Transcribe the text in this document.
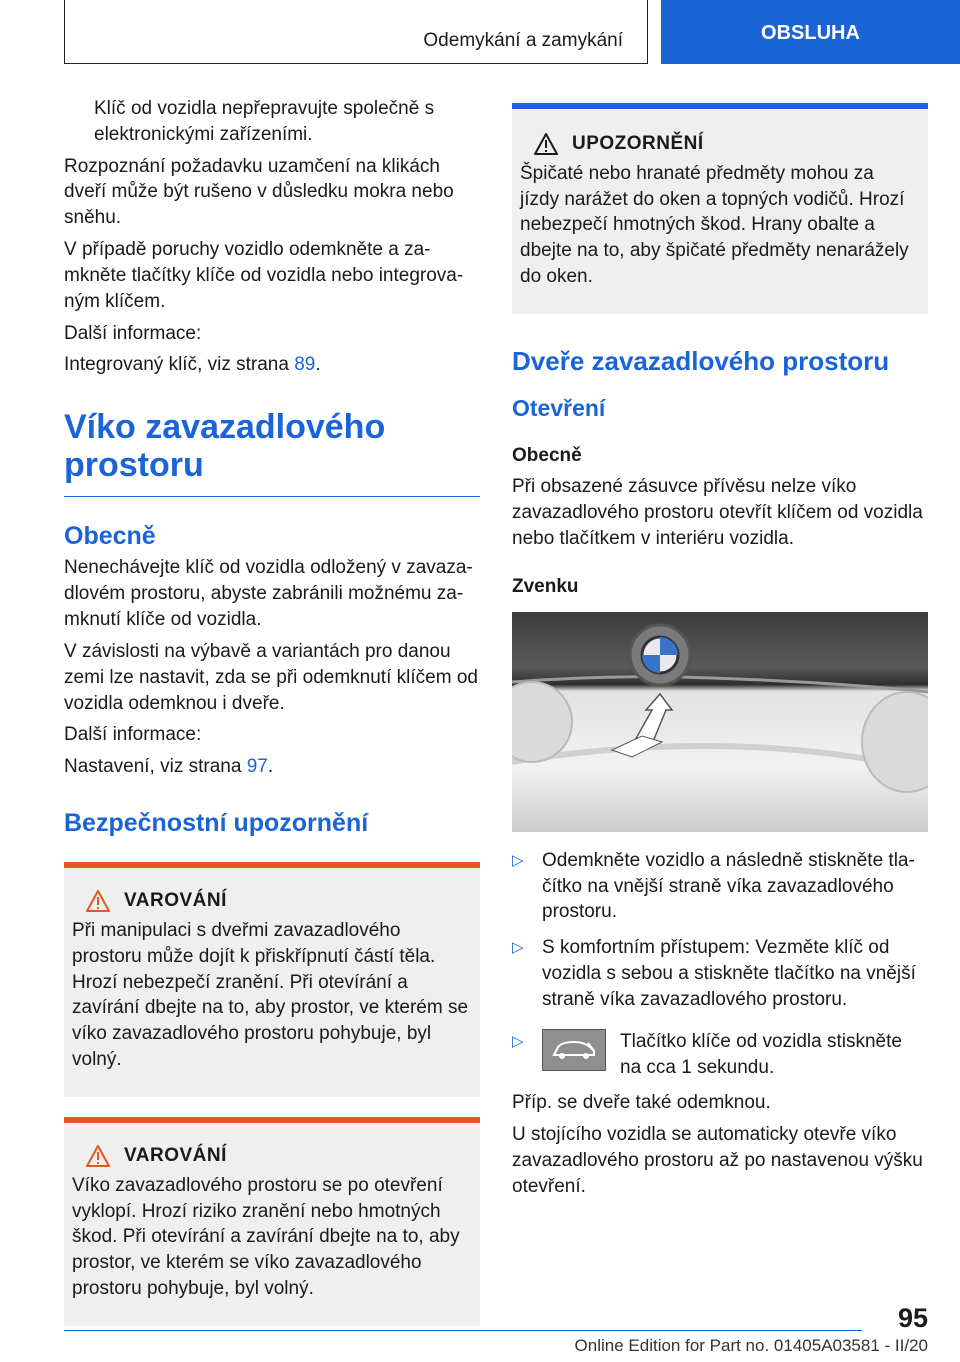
Odemykání a zamykání	OBSLUHA

Klíč od vozidla nepřepravujte společně s elektronickými zařízeními.

Rozpoznání požadavku uzamčení na klikách dveří může být rušeno v důsledku mokra nebo sněhu.

V případě poruchy vozidlo odemkněte a zamkněte tlačítky klíče od vozidla nebo integrovaným klíčem.

Další informace:

Integrovaný klíč, viz strana 89.

Víko zavazadlového prostoru
Obecně

Nenechávejte klíč od vozidla odložený v zavazadlovém prostoru, abyste zabránili možnému zamknutí klíče od vozidla.

V závislosti na výbavě a variantách pro danou zemi lze nastavit, zda se při odemknutí klíčem od vozidla odemknou i dveře.

Další informace:

Nastavení, viz strana 97.

Bezpečnostní upozornění
VAROVÁNÍ

Při manipulaci s dveřmi zavazadlového prostoru může dojít k přiskřípnutí částí těla. Hrozí nebezpečí zranění. Při otevírání a zavírání dbejte na to, aby prostor, ve kterém se víko zavazadlového prostoru pohybuje, byl volný.

VAROVÁNÍ

Víko zavazadlového prostoru se po otevření vyklopí. Hrozí riziko zranění nebo hmotných škod. Při otevírání a zavírání dbejte na to, aby prostor, ve kterém se víko zavazadlového prostoru pohybuje, byl volný.

UPOZORNĚNÍ

Špičaté nebo hranaté předměty mohou za jízdy narážet do oken a topných vodičů. Hrozí nebezpečí hmotných škod. Hrany obalte a dbejte na to, aby špičaté předměty nenarážely do oken.

Dveře zavazadlového prostoru
Otevření
Obecně

Při obsazené zásuvce přívěsu nelze víko zavazadlového prostoru otevřít klíčem od vozidla nebo tlačítkem v interiéru vozidla.

Zvenku
▷ Odemkněte vozidlo a následně stiskněte tlačítko na vnější straně víka zavazadlového prostoru.
▷ S komfortním přístupem: Vezměte klíč od vozidla s sebou a stiskněte tlačítko na vnější straně víka zavazadlového prostoru.
▷	Tlačítko klíče od vozidla stiskněte na cca 1 sekundu.

Příp. se dveře také odemknou.

U stojícího vozidla se automaticky otevře víko zavazadlového prostoru až po nastavenou výšku otevření.

95
Online Edition for Part no. 01405A03581 - II/20
